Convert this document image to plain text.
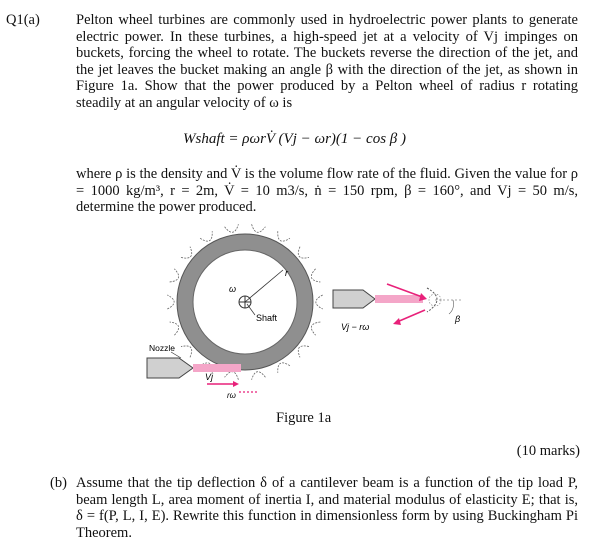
Q1(a) Pelton wheel turbines are commonly used in hydroelectric power plants to generate electric power. In these turbines, a high-speed jet at a velocity of Vj impinges on buckets, forcing the wheel to rotate. The buckets reverse the direction of the jet, and the jet leaves the bucket making an angle β with the direction of the jet, as shown in Figure 1a. Show that the power produced by a Pelton wheel of radius r rotating steadily at an angular velocity of ω is
Wshaft = ρωrV̇ (Vj − ωr)(1 − cos β )
where ρ is the density and V̇ is the volume flow rate of the fluid. Given the value for ρ = 1000 kg/m³, r = 2m, V̇ = 10 m3/s, ṅ = 150 rpm, β = 160°, and Vj = 50 m/s, determine the power produced.
Shaft
r
ω
Nozzle
Vj
rω
β
Vj − rω
Figure 1a
(10 marks)
(b) Assume that the tip deflection δ of a cantilever beam is a function of the tip load P, beam length L, area moment of inertia I, and material modulus of elasticity E; that is, δ = f(P, L, I, E). Rewrite this function in dimensionless form by using Buckingham Pi Theorem.
